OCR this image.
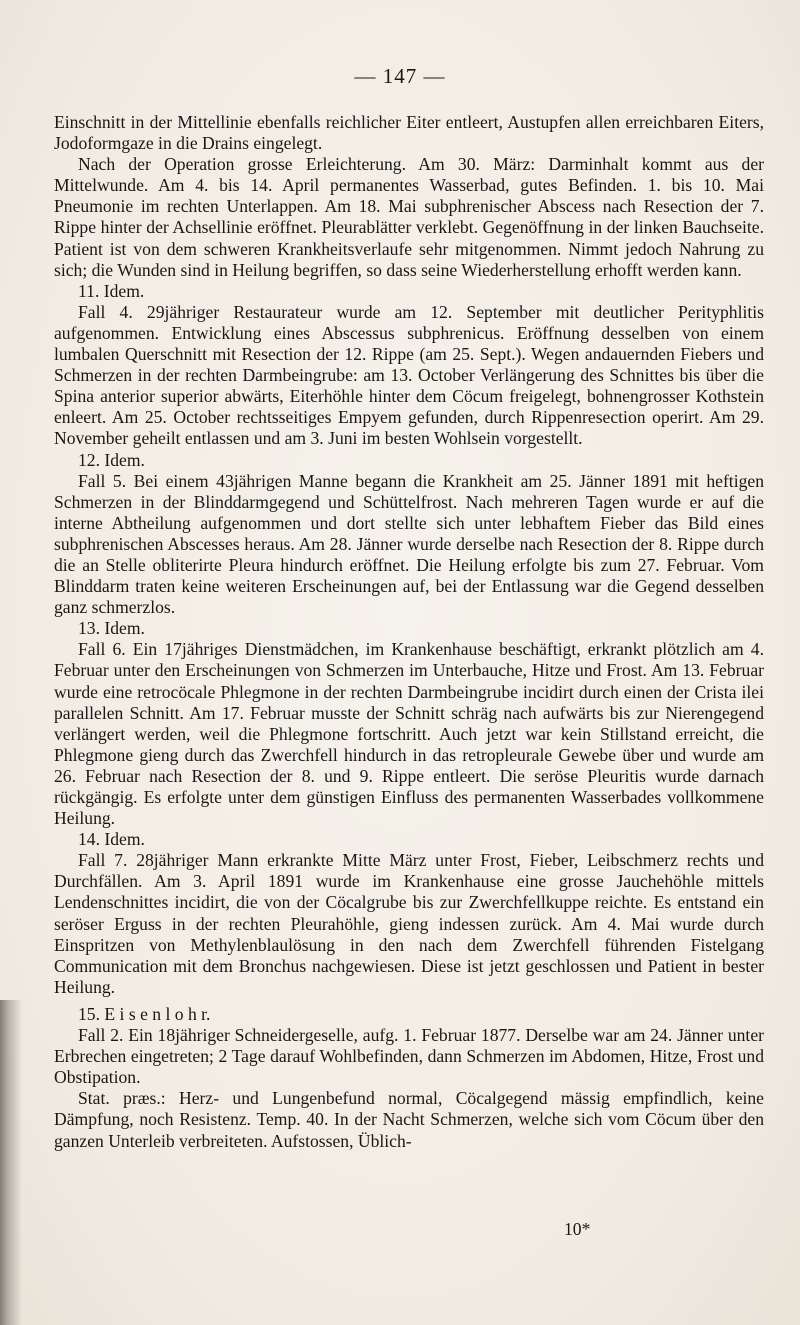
— 147 —

Einschnitt in der Mittellinie ebenfalls reichlicher Eiter entleert, Austupfen allen erreichbaren Eiters, Jodoformgaze in die Drains eingelegt.

Nach der Operation grosse Erleichterung. Am 30. März: Darminhalt kommt aus der Mittelwunde. Am 4. bis 14. April permanentes Wasserbad, gutes Befinden. 1. bis 10. Mai Pneumonie im rechten Unterlappen. Am 18. Mai subphrenischer Abscess nach Resection der 7. Rippe hinter der Achsellinie eröffnet. Pleurablätter verklebt. Gegenöffnung in der linken Bauchseite. Patient ist von dem schweren Krankheitsverlaufe sehr mitgenommen. Nimmt jedoch Nahrung zu sich; die Wunden sind in Heilung begriffen, so dass seine Wiederherstellung erhofft werden kann.

11. Idem.

Fall 4. 29jähriger Restaurateur wurde am 12. September mit deutlicher Perityphlitis aufgenommen. Entwicklung eines Abscessus subphrenicus. Eröffnung desselben von einem lumbalen Querschnitt mit Resection der 12. Rippe (am 25. Sept.). Wegen andauernden Fiebers und Schmerzen in der rechten Darmbeingrube: am 13. October Verlängerung des Schnittes bis über die Spina anterior superior abwärts, Eiterhöhle hinter dem Cöcum freigelegt, bohnengrosser Kothstein enleert. Am 25. October rechtsseitiges Empyem gefunden, durch Rippenresection operirt. Am 29. November geheilt entlassen und am 3. Juni im besten Wohlsein vorgestellt.

12. Idem.

Fall 5. Bei einem 43jährigen Manne begann die Krankheit am 25. Jänner 1891 mit heftigen Schmerzen in der Blinddarmgegend und Schüttelfrost. Nach mehreren Tagen wurde er auf die interne Abtheilung aufgenommen und dort stellte sich unter lebhaftem Fieber das Bild eines subphrenischen Abscesses heraus. Am 28. Jänner wurde derselbe nach Resection der 8. Rippe durch die an Stelle obliterirte Pleura hindurch eröffnet. Die Heilung erfolgte bis zum 27. Februar. Vom Blinddarm traten keine weiteren Erscheinungen auf, bei der Entlassung war die Gegend desselben ganz schmerzlos.

13. Idem.

Fall 6. Ein 17jähriges Dienstmädchen, im Krankenhause beschäftigt, erkrankt plötzlich am 4. Februar unter den Erscheinungen von Schmerzen im Unterbauche, Hitze und Frost. Am 13. Februar wurde eine retrocöcale Phlegmone in der rechten Darmbeingrube incidirt durch einen der Crista ilei parallelen Schnitt. Am 17. Februar musste der Schnitt schräg nach aufwärts bis zur Nierengegend verlängert werden, weil die Phlegmone fortschritt. Auch jetzt war kein Stillstand erreicht, die Phlegmone gieng durch das Zwerchfell hindurch in das retropleurale Gewebe über und wurde am 26. Februar nach Resection der 8. und 9. Rippe entleert. Die seröse Pleuritis wurde darnach rückgängig. Es erfolgte unter dem günstigen Einfluss des permanenten Wasserbades vollkommene Heilung.

14. Idem.

Fall 7. 28jähriger Mann erkrankte Mitte März unter Frost, Fieber, Leibschmerz rechts und Durchfällen. Am 3. April 1891 wurde im Krankenhause eine grosse Jauchehöhle mittels Lendenschnittes incidirt, die von der Cöcalgrube bis zur Zwerchfellkuppe reichte. Es entstand ein seröser Erguss in der rechten Pleurahöhle, gieng indessen zurück. Am 4. Mai wurde durch Einspritzen von Methylenblaulösung in den nach dem Zwerchfell führenden Fistelgang Communication mit dem Bronchus nachgewiesen. Diese ist jetzt geschlossen und Patient in bester Heilung.

15. E i s e n l o h r.

Fall 2. Ein 18jähriger Schneidergeselle, aufg. 1. Februar 1877. Derselbe war am 24. Jänner unter Erbrechen eingetreten; 2 Tage darauf Wohlbefinden, dann Schmerzen im Abdomen, Hitze, Frost und Obstipation.

Stat. præs.: Herz- und Lungenbefund normal, Cöcalgegend mässig empfindlich, keine Dämpfung, noch Resistenz. Temp. 40. In der Nacht Schmerzen, welche sich vom Cöcum über den ganzen Unterleib verbreiteten. Aufstossen, Üblich-

10*
